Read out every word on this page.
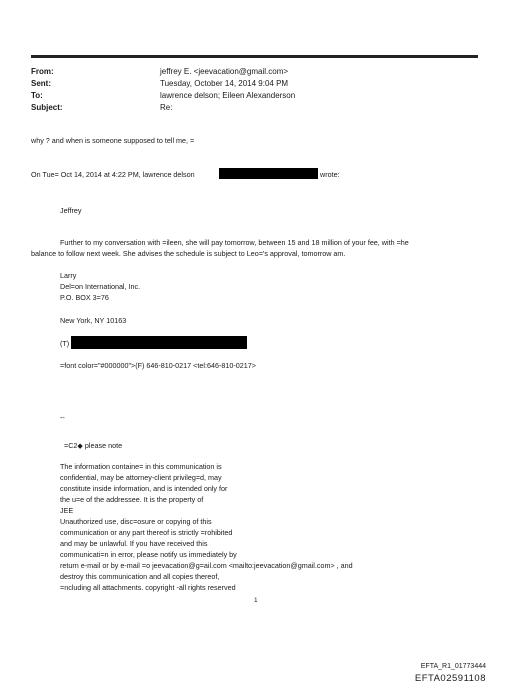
From:	jeffrey E. <jeevacation@gmail.com>
Sent:	Tuesday, October 14, 2014 9:04 PM
To:	lawrence delson; Eileen Alexanderson
Subject:	Re:
why ? and when is someone supposed to tell me, =
On Tue= Oct 14, 2014 at 4:22 PM, lawrence delson	wrote:
Jeffrey
Further to my conversation with =ileen, she will pay tomorrow, between 15 and 18 million of your fee, with =he
balance to follow next week. She advises the schedule is subject to Leo='s approval, tomorrow am.
Larry
Del=on International, Inc.
P.O. BOX 3=76
New York, NY 10163
(T)
=font color="#000000">(F) 646-810-0217 <tel:646-810-0217>
--
=C2◆ please note
The information containe= in this communication is
confidential, may be attorney-client privileg=d, may
constitute inside information, and is intended only for
the u=e of the addressee. It is the property of
JEE
Unauthorized use, disc=osure or copying of this
communication or any part thereof is strictly =rohibited
and may be unlawful. If you have received this
communicati=n in error, please notify us immediately by
return e-mail or by e-mail =o jeevacation@g=ail.com <mailto:jeevacation@gmail.com> , and
destroy this communication and all copies thereof,
=ncluding all attachments. copyright -all rights reserved
1
EFTA_R1_01773444
EFTA02591108
